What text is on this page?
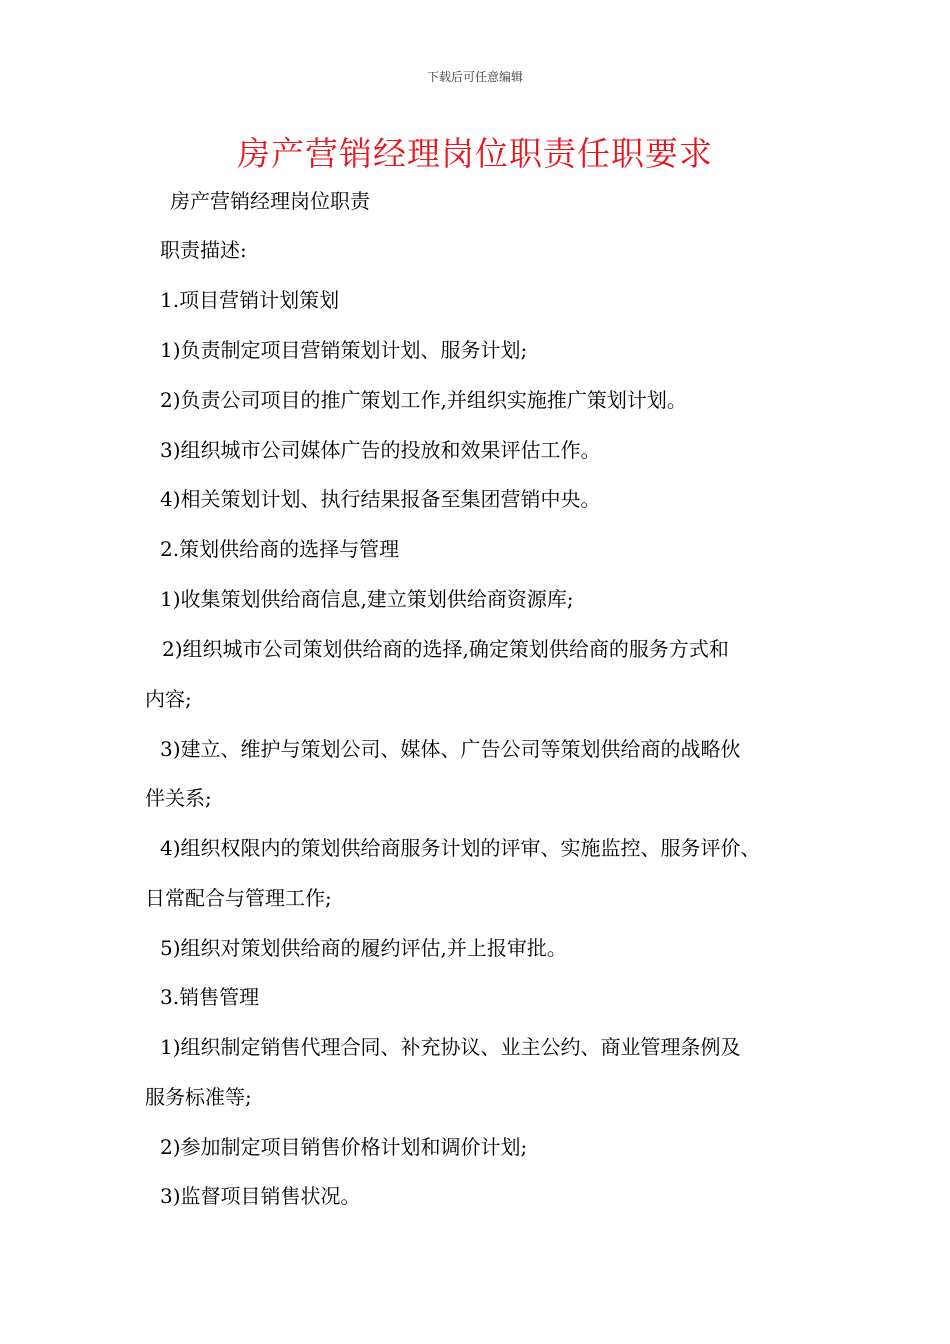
下载后可任意编辑
房产营销经理岗位职责任职要求
房产营销经理岗位职责
职责描述:
1.项目营销计划策划
1)负责制定项目营销策划计划、服务计划;
2)负责公司项目的推广策划工作,并组织实施推广策划计划。
3)组织城市公司媒体广告的投放和效果评估工作。
4)相关策划计划、执行结果报备至集团营销中央。
2.策划供给商的选择与管理
1)收集策划供给商信息,建立策划供给商资源库;
2)组织城市公司策划供给商的选择,确定策划供给商的服务方式和
内容;
3)建立、维护与策划公司、媒体、广告公司等策划供给商的战略伙
伴关系;
4)组织权限内的策划供给商服务计划的评审、实施监控、服务评价、
日常配合与管理工作;
5)组织对策划供给商的履约评估,并上报审批。
3.销售管理
1)组织制定销售代理合同、补充协议、业主公约、商业管理条例及
服务标准等;
2)参加制定项目销售价格计划和调价计划;
3)监督项目销售状况。
